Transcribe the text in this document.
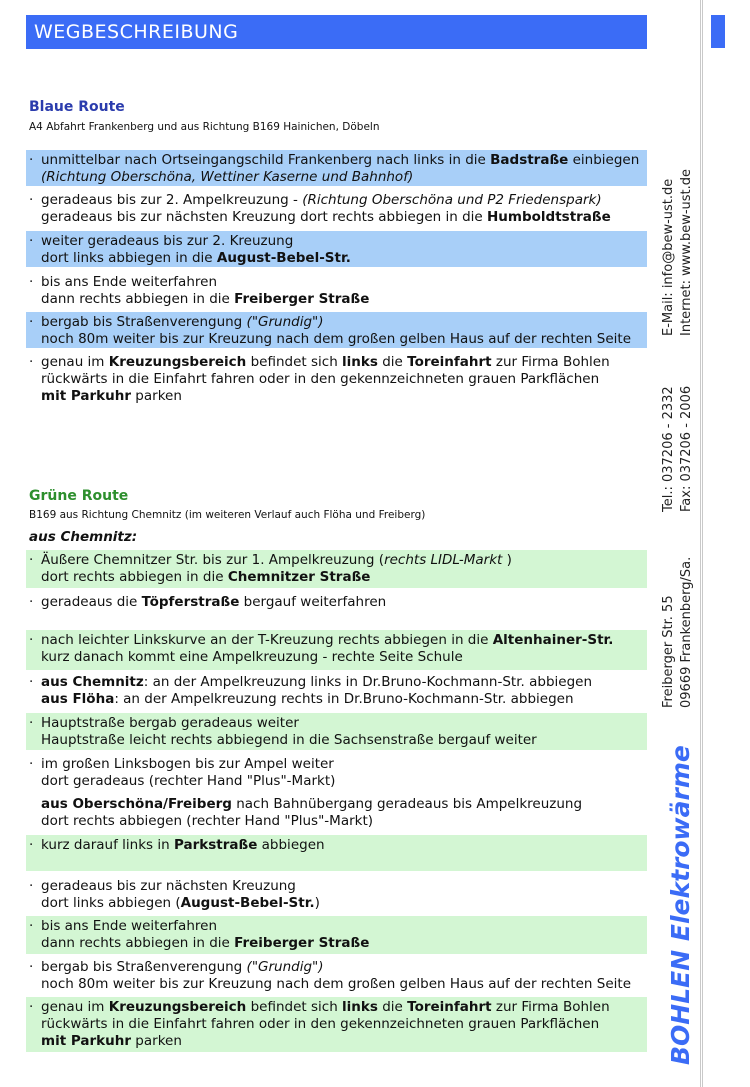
WEGBESCHREIBUNG
Blaue Route
A4 Abfahrt Frankenberg und aus Richtung B169 Hainichen, Döbeln
· unmittelbar nach Ortseingangschild Frankenberg nach links in die Badstraße einbiegen
(Richtung Oberschöna, Wettiner Kaserne und Bahnhof)
· geradeaus bis zur 2. Ampelkreuzung - (Richtung Oberschöna und P2 Friedenspark)
geradeaus bis zur nächsten Kreuzung dort rechts abbiegen in die Humboldtstraße
· weiter geradeaus bis zur 2. Kreuzung
dort links abbiegen in die August-Bebel-Str.
· bis ans Ende weiterfahren
dann rechts abbiegen in die Freiberger Straße
· bergab bis Straßenverengung ("Grundig")
noch 80m weiter bis zur Kreuzung nach dem großen gelben Haus auf der rechten Seite
· genau im Kreuzungsbereich befindet sich links die Toreinfahrt zur Firma Bohlen
rückwärts in die Einfahrt fahren oder in den gekennzeichneten grauen Parkflächen
mit Parkuhr parken
Grüne Route
B169 aus Richtung Chemnitz (im weiteren Verlauf auch Flöha und Freiberg)
aus Chemnitz:
· Äußere Chemnitzer Str. bis zur 1. Ampelkreuzung (rechts LIDL-Markt )
dort rechts abbiegen in die Chemnitzer Straße
· geradeaus die Töpferstraße bergauf weiterfahren
· nach leichter Linkskurve an der T-Kreuzung rechts abbiegen in die Altenhainer-Str.
kurz danach kommt eine Ampelkreuzung - rechte Seite Schule
· aus Chemnitz: an der Ampelkreuzung links in Dr.Bruno-Kochmann-Str. abbiegen
aus Flöha: an der Ampelkreuzung rechts in Dr.Bruno-Kochmann-Str. abbiegen
· Hauptstraße bergab geradeaus weiter
Hauptstraße leicht rechts abbiegend in die Sachsenstraße bergauf weiter
· im großen Linksbogen bis zur Ampel weiter
dort geradeaus (rechter Hand "Plus"-Markt)
aus Oberschöna/Freiberg nach Bahnübergang geradeaus bis Ampelkreuzung
dort rechts abbiegen (rechter Hand "Plus"-Markt)
· kurz darauf links in Parkstraße abbiegen
· geradeaus bis zur nächsten Kreuzung
dort links abbiegen (August-Bebel-Str.)
· bis ans Ende weiterfahren
dann rechts abbiegen in die Freiberger Straße
· bergab bis Straßenverengung ("Grundig")
noch 80m weiter bis zur Kreuzung nach dem großen gelben Haus auf der rechten Seite
· genau im Kreuzungsbereich befindet sich links die Toreinfahrt zur Firma Bohlen
rückwärts in die Einfahrt fahren oder in den gekennzeichneten grauen Parkflächen
mit Parkuhr parken
E-Mail: info@bew-ust.de Internet: www.bew-ust.de
Tel.: 037206 - 2332 Fax: 037206 - 2006
Freiberger Str. 55 09669 Frankenberg/Sa.
BOHLEN Elektrowärme
